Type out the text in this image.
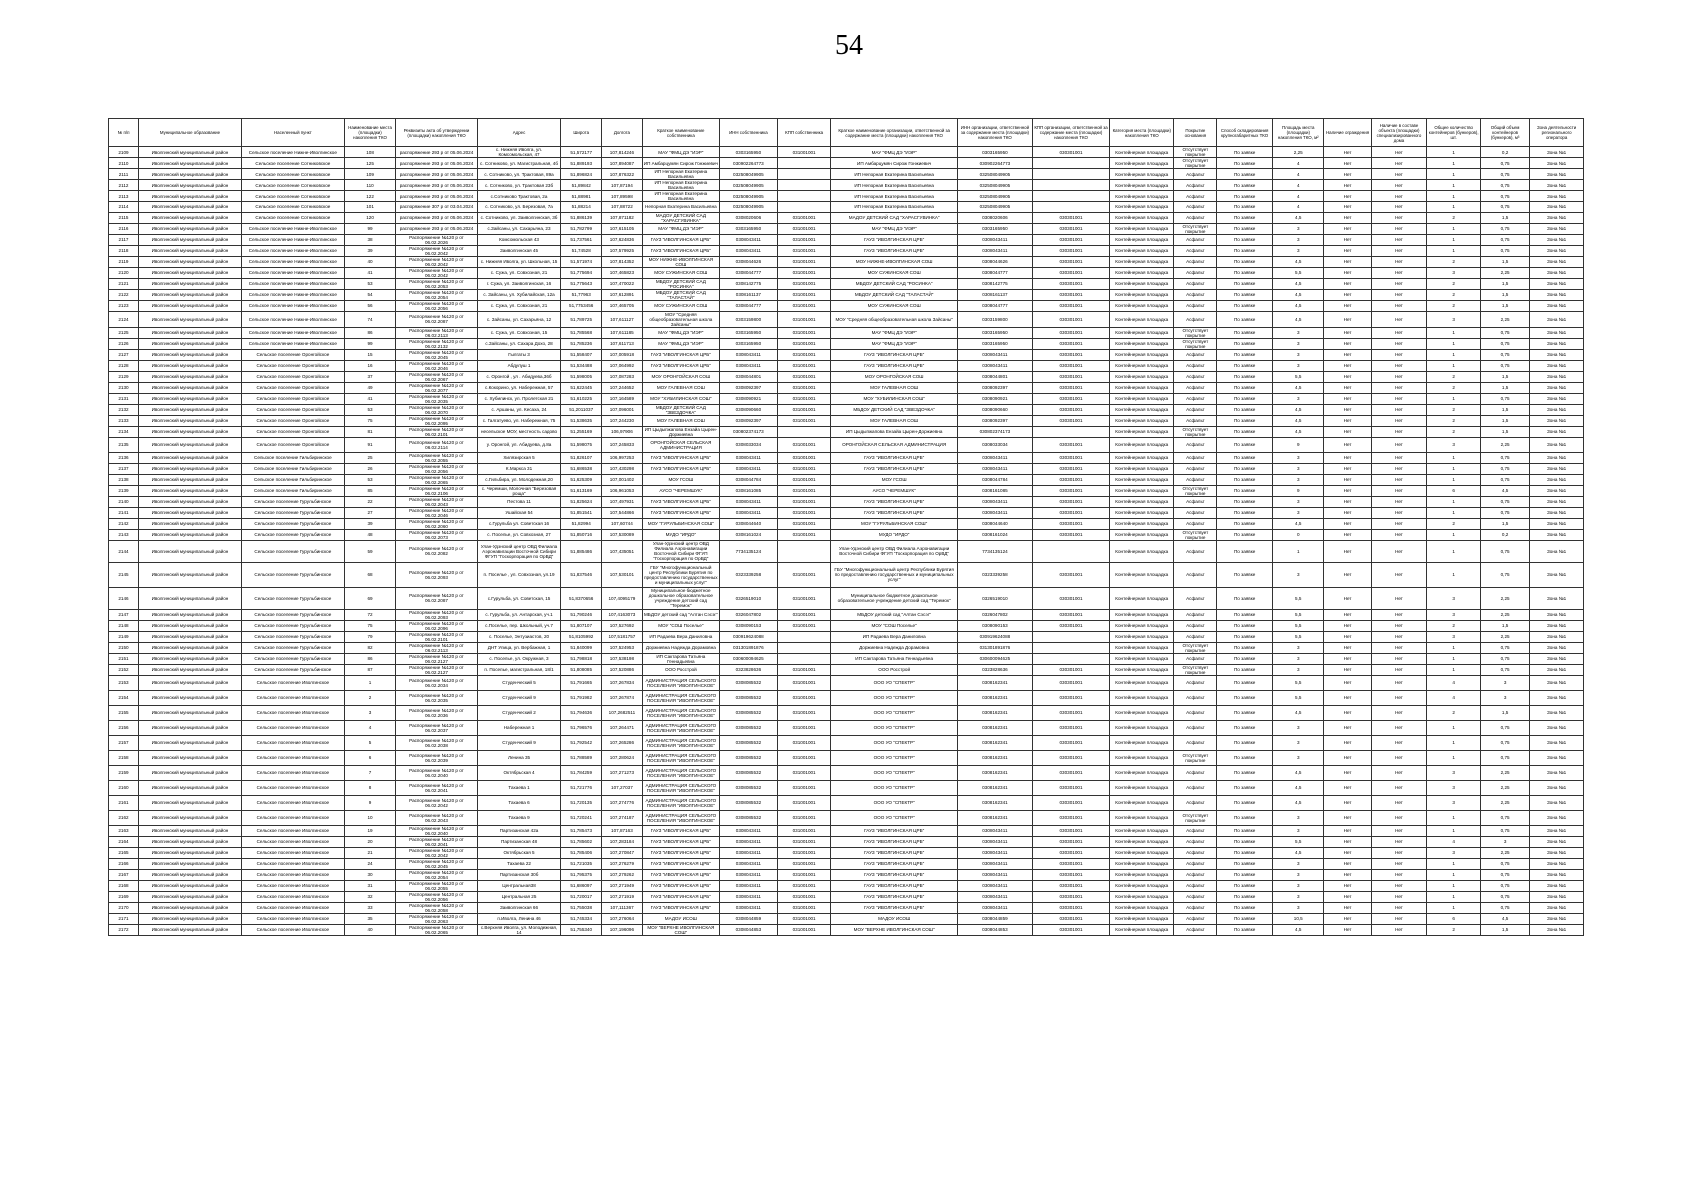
54
№ п/п	Муниципальное образование	Населенный пункт	Наименование места (площадки) накопления ТКО	Реквизиты акта об утверждении (площадки) накопления ТКО	Адрес	Широта	Долгота	Краткое наименование собственника	ИНН собственника	КПП собственника	Краткое наименование организации, ответственной за содержание места (площадки) накопления ТКО	ИНН организации, ответственной за содержание места (площадки) накопления ТКО	КПП организации, ответственной за содержание места (площадки) накопления ТКО	Категория места (площадки) накопления ТКО	Покрытие основания	Способ складирования крупногабаритных ТКО	Площадь места (площадки) накопления ТКО, м²	Наличие ограждения	Наличие в составе объекта (площадки) специализированного домa	Общее количество контейнеров (бункеров), шт.	Общий объем контейнеров (бункеров), м³	Зона деятельности регионального оператора
2109	Иволгинский муниципальный район	Сельское поселение Нижне-Иволгинское	108	распоряжение 293 р от 05.06.2024	с. Нижняя Иволга, ул. Комсомольская, 47	51,572177	107,814246	МАУ "ФМЦ ДЭ "ИЭР"	0303165950	031001001	МАУ "ФМЦ ДЭ "ИЭР"	0303165950	030301001	Контейнерная площадка	Отсутствует покрытие	По заявке	2,25	Нет	Нет	1	0,2	Зона №1
2110	Иволгинский муниципальный район	Сельское поселение Сотниковское	125	распоряжение 293 р от 05.06.2024	с. Сотниково, ул. Магистральная, 4б	51,889193	107,894087	ИП Амбарцумян Сирож Гонжиевич	030902264773		ИП Амбарцумян Сирож Гонжиевич	030902264773		Контейнерная площадка	Отсутствует покрытие	По заявке	4	Нет	Нет	1	0,75	Зона №1
2111	Иволгинский муниципальный район	Сельское поселение Сотниковское	109	распоряжение 293 р от 05.06.2024	с. Сотниково, ул. Трактовая, 89а	51,896824	107,876322	ИП Непорная Екатерина Васильевна	032508049905		ИП Непорная Екатерина Васильевна	032508049905		Контейнерная площадка	Асфальт	По заявке	4	Нет	Нет	1	0,75	Зона №1
2112	Иволгинский муниципальный район	Сельское поселение Сотниковское	110	распоряжение 293 р от 05.06.2024	с. Сотниково, ул. Трактовая 23б	51,89842	107,87194	ИП Непорная Екатерина Васильевна	032508049905		ИП Непорная Екатерина Васильевна	032508049905		Контейнерная площадка	Асфальт	По заявке	4	Нет	Нет	1	0,75	Зона №1
2113	Иволгинский муниципальный район	Сельское поселение Сотниковское	122	распоряжение 293 р от 05.06.2024	с.Сотниково Трактовая, 2а	51,88981	107,89598	ИП Непорная Екатерина Васильевна	032508049905		ИП Непорная Екатерина Васильевна	032508049905		Контейнерная площадка	Асфальт	По заявке	4	Нет	Нет	1	0,75	Зона №1
2114	Иволгинский муниципальный район	Сельское поселение Сотниковское	101	распоряжение 307 р от 03.04.2024	с. Сотниково, ул. Березовая, 7а	51,88214	107,88722	Непорная Екатерина Васильевна	032508049905		ИП Непорная Екатерина Васильевна	032508049905		Контейнерная площадка	Асфальт	По заявке	4	Нет	Нет	1	0,75	Зона №1
2115	Иволгинский муниципальный район	Сельское поселение Сотниковское	120	распоряжение 293 р от 05.06.2024	с. Сотниково, ул. Заиволгинская, 3б	51,886139	107,871182	МАДОУ ДЕТСКИЙ САД "ХАРАСГУВИНКА"	0308020606	031001001	МАДОУ ДЕТСКИЙ САД "ХАРАСГУВИНКА"	0308020606	030301001	Контейнерная площадка	Асфальт	По заявке	4,5	Нет	Нет	2	1,5	Зона №1
2116	Иволгинский муниципальный район	Сельское поселение Нижне-Иволгинское	99	распоряжение 293 р от 05.06.2024	с.Зайсаны, ул. Сахарьяна, 23	51,782799	107,615105	МАУ "ФМЦ ДЭ "ИЭР"	0303165950	031001001	МАУ "ФМЦ ДЭ "ИЭР"	0303165950	030301001	Контейнерная площадка	Отсутствует покрытие	По заявке	3	Нет	Нет	1	0,75	Зона №1
2117	Иволгинский муниципальный район	Сельское поселение Нижне-Иволгинское	38	Распоряжение №120 р от 06.02.2026	Комсомольская 43	51,737561	107,624836	ГАУЗ "ИВОЛГИНСКАЯ ЦРБ"	0308043411	031001001	ГАУЗ "ИВОЛГИНСКАЯ ЦРБ"	0308043411	030301001	Контейнерная площадка	Асфальт	По заявке	3	Нет	Нет	1	0,75	Зона №1
2118	Иволгинский муниципальный район	Сельское поселение Нижне-Иволгинское	39	Распоряжение №120 р от 06.02.2042	Заиволгинская 45	51,74528	107,579925	ГАУЗ "ИВОЛГИНСКАЯ ЦРБ"	0308043411	031001001	ГАУЗ "ИВОЛГИНСКАЯ ЦРБ"	0308043411	030301001	Контейнерная площадка	Асфальт	По заявке	3	Нет	Нет	1	0,75	Зона №1
2119	Иволгинский муниципальный район	Сельское поселение Нижне-Иволгинское	40	Распоряжение №120 р от 06.02.2042	с. Нижняя Иволга, ул. Школьная, 15	51,571974	107,814352	МОУ НИЖНЕ-ИВОЛГИНСКАЯ СОШ	0308044626	031001001	МОУ НИЖНЕ-ИВОЛГИНСКАЯ СОШ	0308044626	030301001	Контейнерная площадка	Асфальт	По заявке	4,5	Нет	Нет	2	1,5	Зона №1
2120	Иволгинский муниципальный район	Сельское поселение Нижне-Иволгинское	41	Распоряжение №120 р от 06.02.2042	с. Сужа, ул. Совхозная, 21	51,775694	107,465823	МОУ СУЖИНСКАЯ СОШ	0308044777	031001001	МОУ СУЖИНСКАЯ СОШ	0308044777	030301001	Контейнерная площадка	Асфальт	По заявке	5,5	Нет	Нет	3	2,25	Зона №1
2121	Иволгинский муниципальный район	Сельское поселение Нижне-Иволгинское	53	Распоряжение №120 р от 06.02.2053	г. Сужа, ул. Заиволгинская, 16	51,775643	107,470022	МБДОУ ДЕТСКИЙ САД "РОСИНКА"	0308142775	031001001	МБДОУ ДЕТСКИЙ САД "РОСИНКА"	0308142775	030301001	Контейнерная площадка	Асфальт	По заявке	4,5	Нет	Нет	2	1,5	Зона №1
2122	Иволгинский муниципальный район	Сельское поселение Нижне-Иволгинское	54	Распоряжение №120 р от 06.02.2054	с. Зайсаны, ул. Хубилайская, 12а	51,77963	107,612891	МБДОУ ДЕТСКИЙ САД "ТАЛАСТАЙ"	0308161137	031001001	МБДОУ ДЕТСКИЙ САД "ТАЛАСТАЙ"	0308161137	030301001	Контейнерная площадка	Асфальт	По заявке	4,5	Нет	Нет	2	1,5	Зона №1
2123	Иволгинский муниципальный район	Сельское поселение Нижне-Иволгинское	56	Распоряжение №120 р от 06.02.2056	с. Сужа, ул. Совхозная, 21	51,7753456	107,465705	МОУ СУЖИНСКАЯ СОШ	0308044777	031001001	МОУ СУЖИНСКАЯ СОШ	0308044777	030301001	Контейнерная площадка	Асфальт	По заявке	4,5	Нет	Нет	2	1,5	Зона №1
2124	Иволгинский муниципальный район	Сельское поселение Нижне-Иволгинское	74	Распоряжение №120 р от 06.02.2087	с. Зайсаны, ул. Сахарьяна, 12	51,789725	107,611127	МОУ "Средняя общеобразовательная школа Зайсаны"	0303159800	031001001	МОУ "Средняя общеобразовательная школа Зайсаны"	0303159800	030301001	Контейнерная площадка	Асфальт	По заявке	4,5	Нет	Нет	3	2,25	Зона №1
2125	Иволгинский муниципальный район	Сельское поселение Нижне-Иволгинское	86	Распоряжение №120 р от 06.02.2113	с. Сужа, ул. Совхозная, 15	51,785568	107,611185	МАУ "ФМЦ ДЭ "ИЭР"	0303165950	031001001	МАУ "ФМЦ ДЭ "ИЭР"	0303165950	030301001	Контейнерная площадка	Отсутствует покрытие	По заявке	3	Нет	Нет	1	0,75	Зона №1
2126	Иволгинский муниципальный район	Сельское поселение Нижне-Иволгинское	99	Распоряжение №120 р от 06.02.2132	с.Зайсаны, ул. Сахара Дохо, 28	51,785236	107,611713	МАУ "ФМЦ ДЭ "ИЭР"	0303165950	031001001	МАУ "ФМЦ ДЭ "ИЭР"	0303165950	030301001	Контейнерная площадка	Отсутствует покрытие	По заявке	3	Нет	Нет	1	0,75	Зона №1
2127	Иволгинский муниципальный район	Сельское поселение Оронгойское	15	Распоряжение №120 р от 06.02.2045	Гылгаты 3	51,558407	107,005918	ГАУЗ "ИВОЛГИНСКАЯ ЦРБ"	0308043411	031001001	ГАУЗ "ИВОЛГИНСКАЯ ЦРБ"	0308043411	030301001	Контейнерная площадка	Асфальт	По заявке	3	Нет	Нет	1	0,75	Зона №1
2128	Иволгинский муниципальный район	Сельское поселение Оронгойское	16	Распоряжение №120 р от 06.02.2046	Абдулуш 1	51,534488	107,064992	ГАУЗ "ИВОЛГИНСКАЯ ЦРБ"	0308043411	031001001	ГАУЗ "ИВОЛГИНСКАЯ ЦРБ"	0308043411	030301001	Контейнерная площадка	Асфальт	По заявке	3	Нет	Нет	1	0,75	Зона №1
2129	Иволгинский муниципальный район	Сельское поселение Оронгойское	37	Распоряжение №120 р от 06.02.2067	с. Оронгой , ул . Абидуева,36б	51,598005	107,087283	МОУ ОРОНГОЙСКАЯ СОШ	0308044801	031001001	МОУ ОРОНГОЙСКАЯ СОШ	0308044801	030301001	Контейнерная площадка	Асфальт	По заявке	5,5	Нет	Нет	2	1,5	Зона №1
2130	Иволгинский муниципальный район	Сельское поселение Оронгойское	49	Распоряжение №120 р от 06.02.2077	с.Кокорино, ул. Набережная, 57	51,622445	107,244652	МОУ ГАЛЕВНАЯ СОШ	0308092397	031001001	МОУ ГАЛЕВНАЯ СОШ	0308092397	030301001	Контейнерная площадка	Асфальт	По заявке	4,5	Нет	Нет	2	1,5	Зона №1
2131	Иволгинский муниципальный район	Сельское поселение Оронгойское	41	Распоряжение №120 р от 06.02.2035	с. Хубилинск, ул. Пролетская 21	51,610225	107,164589	МОУ "ХУБИЛИНСКАЯ СОШ"	0308090921	031001001	МОУ "ХУБИЛИНСКАЯ СОШ"	0308090921	030301001	Контейнерная площадка	Асфальт	По заявке	3	Нет	Нет	1	0,75	Зона №1
2132	Иволгинский муниципальный район	Сельское поселение Оронгойское	53	Распоряжение №120 р от 06.02.2070	с. Аршаны, ул. Кесаха, 24	51,2011037	107,096001	МБДОУ ДЕТСКИЙ САД "ЗВЕЗДОЧКА"	0308090660	031001001	МБДОУ ДЕТСКИЙ САД "ЗВЕЗДОЧКА"	0308090660	030301001	Контейнерная площадка	Асфальт	По заявке	4,5	Нет	Нет	2	1,5	Зона №1
2133	Иволгинский муниципальный район	Сельское поселение Оронгойское	75	Распоряжение №120 р от 06.02.2095	с. Галгатуево, ул. Набережная, 75	51,538635	107,244230	МОУ ГАЛЕВНАЯ СОШ	0308092397	031001001	МОУ ГАЛЕВНАЯ СОШ	0308092397	030301001	Контейнерная площадка	Асфальт	По заявке	4,5	Нет	Нет	2	1,5	Зона №1
2134	Иволгинский муниципальный район	Сельское поселение Оронгойское	81	Распоряжение №120 р от 06.02.2101	несельское МОУ, местность садово	51,255169	106,97906	ИП Цыдыпжапова Ензайа Цырен-Доржиевна	030802374173		ИП Цыдыпжапова Ензайа Цырен-Доржиевна	030802374173		Контейнерная площадка	Отсутствует покрытие	По заявке	4,5	Нет	Нет	2	1,5	Зона №1
2135	Иволгинский муниципальный район	Сельское поселение Оронгойское	91	Распоряжение №120 р от 06.02.2114	у. Оронгой, ул. Абидуева, д.8а	51,598075	107,245833	ОРОНГОЙСКАЯ СЕЛЬСКАЯ АДМИНИСТРАЦИЯ	0308033034	031001001	ОРОНГОЙСКАЯ СЕЛЬСКАЯ АДМИНИСТРАЦИЯ	0308033034	030301001	Контейнерная площадка	Асфальт	По заявке	9	Нет	Нет	3	2,25	Зона №1
2136	Иволгинский муниципальный район	Сельское поселение Гильбиринское	25	Распоряжение №120 р от 06.02.2055	Хилязирская 5	51,826107	106,997253	ГАУЗ "ИВОЛГИНСКАЯ ЦРБ"	0308043411	031001001	ГАУЗ "ИВОЛГИНСКАЯ ЦРБ"	0308043411	030301001	Контейнерная площадка	Асфальт	По заявке	3	Нет	Нет	1	0,75	Зона №1
2137	Иволгинский муниципальный район	Сельское поселение Гильбиринское	26	Распоряжение №120 р от 06.02.2056	К.Маркса 31	51,686538	107,430298	ГАУЗ "ИВОЛГИНСКАЯ ЦРБ"	0308043411	031001001	ГАУЗ "ИВОЛГИНСКАЯ ЦРБ"	0308043411	030301001	Контейнерная площадка	Асфальт	По заявке	3	Нет	Нет	1	0,75	Зона №1
2138	Иволгинский муниципальный район	Сельское поселение Гильбиринское	53	Распоряжение №120 р от 06.02.2065	с.Гильбира, ул. Молодежная,20	51,625309	107,001402	МОУ ГСОШ	0308044784	031001001	МОУ ГСОШ	0308044784	030301001	Контейнерная площадка	Асфальт	По заявке	3	Нет	Нет	1	0,75	Зона №1
2139	Иволгинский муниципальный район	Сельское поселение Гильбиринское	85	Распоряжение №120 р от 06.02.2106	с. Черемши, Молочная "Березовая роща"	51,613169	106,961053	АУСО "ЧЕРЕМШУК"	0308161085	031001001	АУСО "ЧЕРЕМШУК"	0308161085	030301001	Контейнерная площадка	Отсутствует покрытие	По заявке	9	Нет	Нет	6	4,5	Зона №1
2140	Иволгинский муниципальный район	Сельское поселение Гурульбинское	22	Распоряжение №120 р от 06.02.2043	Пестова 11	51,825624	107,497931	ГАУЗ "ИВОЛГИНСКАЯ ЦРБ"	0308043411	031001001	ГАУЗ "ИВОЛГИНСКАЯ ЦРБ"	0308043411	030301001	Контейнерная площадка	Асфальт	По заявке	3	Нет	Нет	1	0,75	Зона №1
2141	Иволгинский муниципальный район	Сельское поселение Гурульбинское	27	Распоряжение №120 р от 06.02.2046	Ушайская 54	51,851541	107,544866	ГАУЗ "ИВОЛГИНСКАЯ ЦРБ"	0308043411	031001001	ГАУЗ "ИВОЛГИНСКАЯ ЦРБ"	0308043411	030301001	Контейнерная площадка	Асфальт	По заявке	3	Нет	Нет	1	0,75	Зона №1
2142	Иволгинский муниципальный район	Сельское поселение Гурульбинское	39	Распоряжение №120 р от 06.02.2060	с.Гурульба ул. Советская 16	51,82994	107,60744	МОУ "ГУРУЛЬБИНСКАЯ СОШ"	0308044640	031001001	МОУ "ГУРУЛЬБИНСКАЯ СОШ"	0308044640	030301001	Контейнерная площадка	Асфальт	По заявке	4,5	Нет	Нет	2	1,5	Зона №1
2143	Иволгинский муниципальный район	Сельское поселение Гурульбинское	48	Распоряжение №120 р от 06.02.2073	с. Поселье, ул. Совхозная, 27	51,850716	107,530089	МУДО "ИРДО"	0308161024	031001001	МУДО "ИРДО"	0308161024	030301001	Контейнерная площадка	Отсутствует покрытие	По заявке	0	Нет	Нет	1	0,2	Зона №1
2144	Иволгинский муниципальный район	Сельское поселение Гурульбинское	59	Распоряжение №120 р от 06.02.2082	Улан-Удэнский центр ОВД Филиала Аэронавигации Восточной Сибири ФГУП "Госкорпорация по ОрВД"	51,885486	107,435051	Улан-Удэнский центр ОВД Филиала Аэронавигации Восточной Сибири ФГУП "Госкорпорация по ОрВД"	7734135124		Улан-Удэнский центр ОВД Филиала Аэронавигации Восточной Сибири ФГУП "Госкорпорация по ОрВД"	7734135124		Контейнерная площадка	Асфальт	По заявке	1	Нет	Нет	1	0,75	Зона №1
2145	Иволгинский муниципальный район	Сельское поселение Гурульбинское	68	Распоряжение №120 р от 06.02.2093	п. Поселье , ул. Совхозная, ул.19	51,837546	107,530101	ГБУ "Многофункциональный центр Республики Бурятия по предоставлению государственных и муниципальных услуг"	0323339258	031001001	ГБУ "Многофункциональный центр Республики Бурятия по предоставлению государственных и муниципальных услуг"	0323339258	030301001	Контейнерная площадка	Асфальт	По заявке	3	Нет	Нет	1	0,75	Зона №1
2146	Иволгинский муниципальный район	Сельское поселение Гурульбинское	69	Распоряжение №120 р от 06.02.2087	с.Гурульба, ул. Советская, 15	51,8370656	107,4095179	Муниципальное бюджетное дошкольное образовательное учреждение детский сад "Теремок"	0326519010	031001001	Муниципальное бюджетное дошкольное образовательное учреждение детский сад "Теремок"	0326519010	030301001	Контейнерная площадка	Асфальт	По заявке	5,5	Нет	Нет	3	2,25	Зона №1
2147	Иволгинский муниципальный район	Сельское поселение Гурульбинское	72	Распоряжение №120 р от 06.02.2093	с. Гурульба, ул. Антарская, уч.1	51,790246	107,4163073	МБДОУ детский сад "Алтан Сэсэг"	0326047802	031001001	МБДОУ детский сад "Алтан Сэсэг"	0326047802	030301001	Контейнерная площадка	Асфальт	По заявке	5,5	Нет	Нет	3	2,25	Зона №1
2148	Иволгинский муниципальный район	Сельское поселение Гурульбинское	75	Распоряжение №120 р от 06.02.2096	с.Поселье, пер. Школьный, уч.7	51,807107	107,527692	МОУ "СОШ Поселье"	0308090153	031001001	МОУ "СОШ Поселье"	0308090153	030301001	Контейнерная площадка	Асфальт	По заявке	5,5	Нет	Нет	2	1,5	Зона №1
2149	Иволгинский муниципальный район	Сельское поселение Гурульбинское	79	Распоряжение №120 р от 06.02.2101	с. Поселье, Энтузиастов, 20	51,8105992	107,5181757	ИП Радаева Вера Даниловна	030919624088		ИП Радаева Вера Даниловна	030919624088		Контейнерная площадка	Асфальт	По заявке	5,5	Нет	Нет	3	2,25	Зона №1
2150	Иволгинский муниципальный район	Сельское поселение Гурульбинское	82	Распоряжение №120 р от 06.02.2113	ДНТ Улица, ул. Вербажная, 1	51,840099	107,524953	Доржиевна Надежда Дорамовна	031301891876		Доржиевна Надежда Дорамовна	031301891876		Контейнерная площадка	Отсутствует покрытие	По заявке	3	Нет	Нет	1	0,75	Зона №1
2151	Иволгинский муниципальный район	Сельское поселение Гурульбинское	86	Распоряжение №120 р от 06.02.2127	с. Поселье, ул. Окружная, 3	51,798818	107,538198	ИП Сактарова Татьяна Геннадьевна	030600094625		ИП Сактарова Татьяна Геннадьевна	030600094625		Контейнерная площадка	Асфальт	По заявке	3	Нет	Нет	1	0,75	Зона №1
2152	Иволгинский муниципальный район	Сельское поселение Гурульбинское	87	Распоряжение №120 р от 06.02.2127	п. Поселье, магистральная, 18/1	51,808085	107,520886	ООО Росстрой	0323828636	031001001	ООО Росстрой	0323828636	030301001	Контейнерная площадка	Отсутствует покрытие	По заявке	3	Нет	Нет	1	0,75	Зона №1
2153	Иволгинский муниципальный район	Сельское поселение Иволгинское	1	Распоряжение №120 р от 06.02.2034	Студенческий 5	51,791665	107,267834	АДМИНИСТРАЦИЯ СЕЛЬСКОГО ПОСЕЛЕНИЯ "ИВОЛГИНСКОЕ"	0308085532	031001001	ООО УО "СПЕКТР"	0308162341	030301001	Контейнерная площадка	Асфальт	По заявке	5,5	Нет	Нет	4	3	Зона №1
2154	Иволгинский муниципальный район	Сельское поселение Иволгинское	2	Распоряжение №120 р от 06.02.2035	Студенческий 9	51,791982	107,267874	АДМИНИСТРАЦИЯ СЕЛЬСКОГО ПОСЕЛЕНИЯ "ИВОЛГИНСКОЕ"	0308085532	031001001	ООО УО "СПЕКТР"	0308162341	030301001	Контейнерная площадка	Асфальт	По заявке	5,5	Нет	Нет	4	3	Зона №1
2155	Иволгинский муниципальный район	Сельское поселение Иволгинское	3	Распоряжение №120 р от 06.02.2036	Студенческий 2	51,794636	107,2682511	АДМИНИСТРАЦИЯ СЕЛЬСКОГО ПОСЕЛЕНИЯ "ИВОЛГИНСКОЕ"	0308085532	031001001	ООО УО "СПЕКТР"	0308162341	030301001	Контейнерная площадка	Асфальт	По заявке	4,5	Нет	Нет	2	1,5	Зона №1
2156	Иволгинский муниципальный район	Сельское поселение Иволгинское	4	Распоряжение №120 р от 06.02.2037	Набережная 1	51,796576	107,264471	АДМИНИСТРАЦИЯ СЕЛЬСКОГО ПОСЕЛЕНИЯ "ИВОЛГИНСКОЕ"	0308085532	031001001	ООО УО "СПЕКТР"	0308162341	030301001	Контейнерная площадка	Асфальт	По заявке	3	Нет	Нет	1	0,75	Зона №1
2157	Иволгинский муниципальный район	Сельское поселение Иволгинское	5	Распоряжение №120 р от 06.02.2038	Студенческий 9	51,792542	107,265286	АДМИНИСТРАЦИЯ СЕЛЬСКОГО ПОСЕЛЕНИЯ "ИВОЛГИНСКОЕ"	0308085532	031001001	ООО УО "СПЕКТР"	0308162341	030301001	Контейнерная площадка	Асфальт	По заявке	3	Нет	Нет	1	0,75	Зона №1
2158	Иволгинский муниципальный район	Сельское поселение Иволгинское	6	Распоряжение №120 р от 06.02.2039	Ленина 35	51,788589	107,280624	АДМИНИСТРАЦИЯ СЕЛЬСКОГО ПОСЕЛЕНИЯ "ИВОЛГИНСКОЕ"	0308085532	031001001	ООО УО "СПЕКТР"	0308162341	030301001	Контейнерная площадка	Отсутствует покрытие	По заявке	3	Нет	Нет	1	0,75	Зона №1
2159	Иволгинский муниципальный район	Сельское поселение Иволгинское	7	Распоряжение №120 р от 06.02.2040	Октябрьская 4	51,784259	107,271273	АДМИНИСТРАЦИЯ СЕЛЬСКОГО ПОСЕЛЕНИЯ "ИВОЛГИНСКОЕ"	0308085532	031001001	ООО УО "СПЕКТР"	0308162341	030301001	Контейнерная площадка	Асфальт	По заявке	4,5	Нет	Нет	3	2,25	Зона №1
2160	Иволгинский муниципальный район	Сельское поселение Иволгинское	8	Распоряжение №120 р от 06.02.2041	Тахаева 1	51,721776	107,27037	АДМИНИСТРАЦИЯ СЕЛЬСКОГО ПОСЕЛЕНИЯ "ИВОЛГИНСКОЕ"	0308085532	031001001	ООО УО "СПЕКТР"	0308162341	030301001	Контейнерная площадка	Асфальт	По заявке	4,5	Нет	Нет	3	2,25	Зона №1
2161	Иволгинский муниципальный район	Сельское поселение Иволгинское	9	Распоряжение №120 р от 06.02.2042	Тахаева 6	51,720135	107,274776	АДМИНИСТРАЦИЯ СЕЛЬСКОГО ПОСЕЛЕНИЯ "ИВОЛГИНСКОЕ"	0308085532	031001001	ООО УО "СПЕКТР"	0308162341	030301001	Контейнерная площадка	Асфальт	По заявке	4,5	Нет	Нет	3	2,25	Зона №1
2162	Иволгинский муниципальный район	Сельское поселение Иволгинское	10	Распоряжение №120 р от 06.02.2043	Тахаева 9	51,720241	107,274187	АДМИНИСТРАЦИЯ СЕЛЬСКОГО ПОСЕЛЕНИЯ "ИВОЛГИНСКОЕ"	0308085532	031001001	ООО УО "СПЕКТР"	0308162341	030301001	Контейнерная площадка	Отсутствует покрытие	По заявке	3	Нет	Нет	1	0,75	Зона №1
2163	Иволгинский муниципальный район	Сельское поселение Иволгинское	19	Распоряжение №120 р от 06.02.2040	Партизанская 42а	51,785473	107,87163	ГАУЗ "ИВОЛГИНСКАЯ ЦРБ"	0308043411	031001001	ГАУЗ "ИВОЛГИНСКАЯ ЦРБ"	0308043411	030301001	Контейнерная площадка	Асфальт	По заявке	3	Нет	Нет	1	0,75	Зона №1
2164	Иволгинский муниципальный район	Сельское поселение Иволгинское	20	Распоряжение №120 р от 06.02.2041	Партизанская 48	51,785602	107,283184	ГАУЗ "ИВОЛГИНСКАЯ ЦРБ"	0308043411	031001001	ГАУЗ "ИВОЛГИНСКАЯ ЦРБ"	0308043411	030301001	Контейнерная площадка	Асфальт	По заявке	5,5	Нет	Нет	4	3	Зона №1
2165	Иволгинский муниципальный район	Сельское поселение Иволгинское	21	Распоряжение №120 р от 06.02.2042	Октябрьская 5	51,785406	107,270847	ГАУЗ "ИВОЛГИНСКАЯ ЦРБ"	0308043411	031001001	ГАУЗ "ИВОЛГИНСКАЯ ЦРБ"	0308043411	030301001	Контейнерная площадка	Асфальт	По заявке	4,5	Нет	Нет	3	2,25	Зона №1
2166	Иволгинский муниципальный район	Сельское поселение Иволгинское	24	Распоряжение №120 р от 06.02.2045	Тахаева 22	51,721035	107,276279	ГАУЗ "ИВОЛГИНСКАЯ ЦРБ"	0308043411	031001001	ГАУЗ "ИВОЛГИНСКАЯ ЦРБ"	0308043411	030301001	Контейнерная площадка	Асфальт	По заявке	3	Нет	Нет	1	0,75	Зона №1
2167	Иволгинский муниципальный район	Сельское поселение Иволгинское	30	Распоряжение №120 р от 06.02.2054	Партизанская 30б	51,795375	107,279262	ГАУЗ "ИВОЛГИНСКАЯ ЦРБ"	0308043411	031001001	ГАУЗ "ИВОЛГИНСКАЯ ЦРБ"	0308043411	030301001	Контейнерная площадка	Асфальт	По заявке	3	Нет	Нет	1	0,75	Зона №1
2168	Иволгинский муниципальный район	Сельское поселение Иволгинское	31	Распоряжение №120 р от 06.02.2055	Центральная38	51,686097	107,271949	ГАУЗ "ИВОЛГИНСКАЯ ЦРБ"	0308043411	031001001	ГАУЗ "ИВОЛГИНСКАЯ ЦРБ"	0308043411	030301001	Контейнерная площадка	Асфальт	По заявке	3	Нет	Нет	1	0,75	Зона №1
2169	Иволгинский муниципальный район	Сельское поселение Иволгинское	32	Распоряжение №120 р от 06.02.2056	Центральная 25	51,720017	107,271919	ГАУЗ "ИВОЛГИНСКАЯ ЦРБ"	0308043411	031001001	ГАУЗ "ИВОЛГИНСКАЯ ЦРБ"	0308043411	030301001	Контейнерная площадка	Асфальт	По заявке	3	Нет	Нет	1	0,75	Зона №1
2170	Иволгинский муниципальный район	Сельское поселение Иволгинское	33	Распоряжение №120 р от 06.02.2058	Заиволгинская 66	51,755038	107,111367	ГАУЗ "ИВОЛГИНСКАЯ ЦРБ"	0308043411	031001001	ГАУЗ "ИВОЛГИНСКАЯ ЦРБ"	0308043411	030301001	Контейнерная площадка	Асфальт	По заявке	3	Нет	Нет	1	0,75	Зона №1
2171	Иволгинский муниципальный район	Сельское поселение Иволгинское	35	Распоряжение №120 р от 06.02.2063	п.Иволга, Ленина 46	51,745334	107,276064	МАДОУ ИСОШ	0308044859	031001001	МАДОУ ИСОШ	0308044859	030301001	Контейнерная площадка	Асфальт	По заявке	10,5	Нет	Нет	6	4,5	Зона №1
2172	Иволгинский муниципальный район	Сельское поселение Иволгинское	40	Распоряжение №120 р от 06.02.2065	с.Верхняя Иволга, ул. Молодежная, 14	51,755340	107,196096	МОУ "ВЕРХНЕ ИВОЛГИНСКАЯ СОШ"	0308044853	031001001	МОУ "ВЕРХНЕ ИВОЛГИНСКАЯ СОШ"	0308044853	030301001	Контейнерная площадка	Асфальт	По заявке	4,5	Нет	Нет	2	1,5	Зона №1
